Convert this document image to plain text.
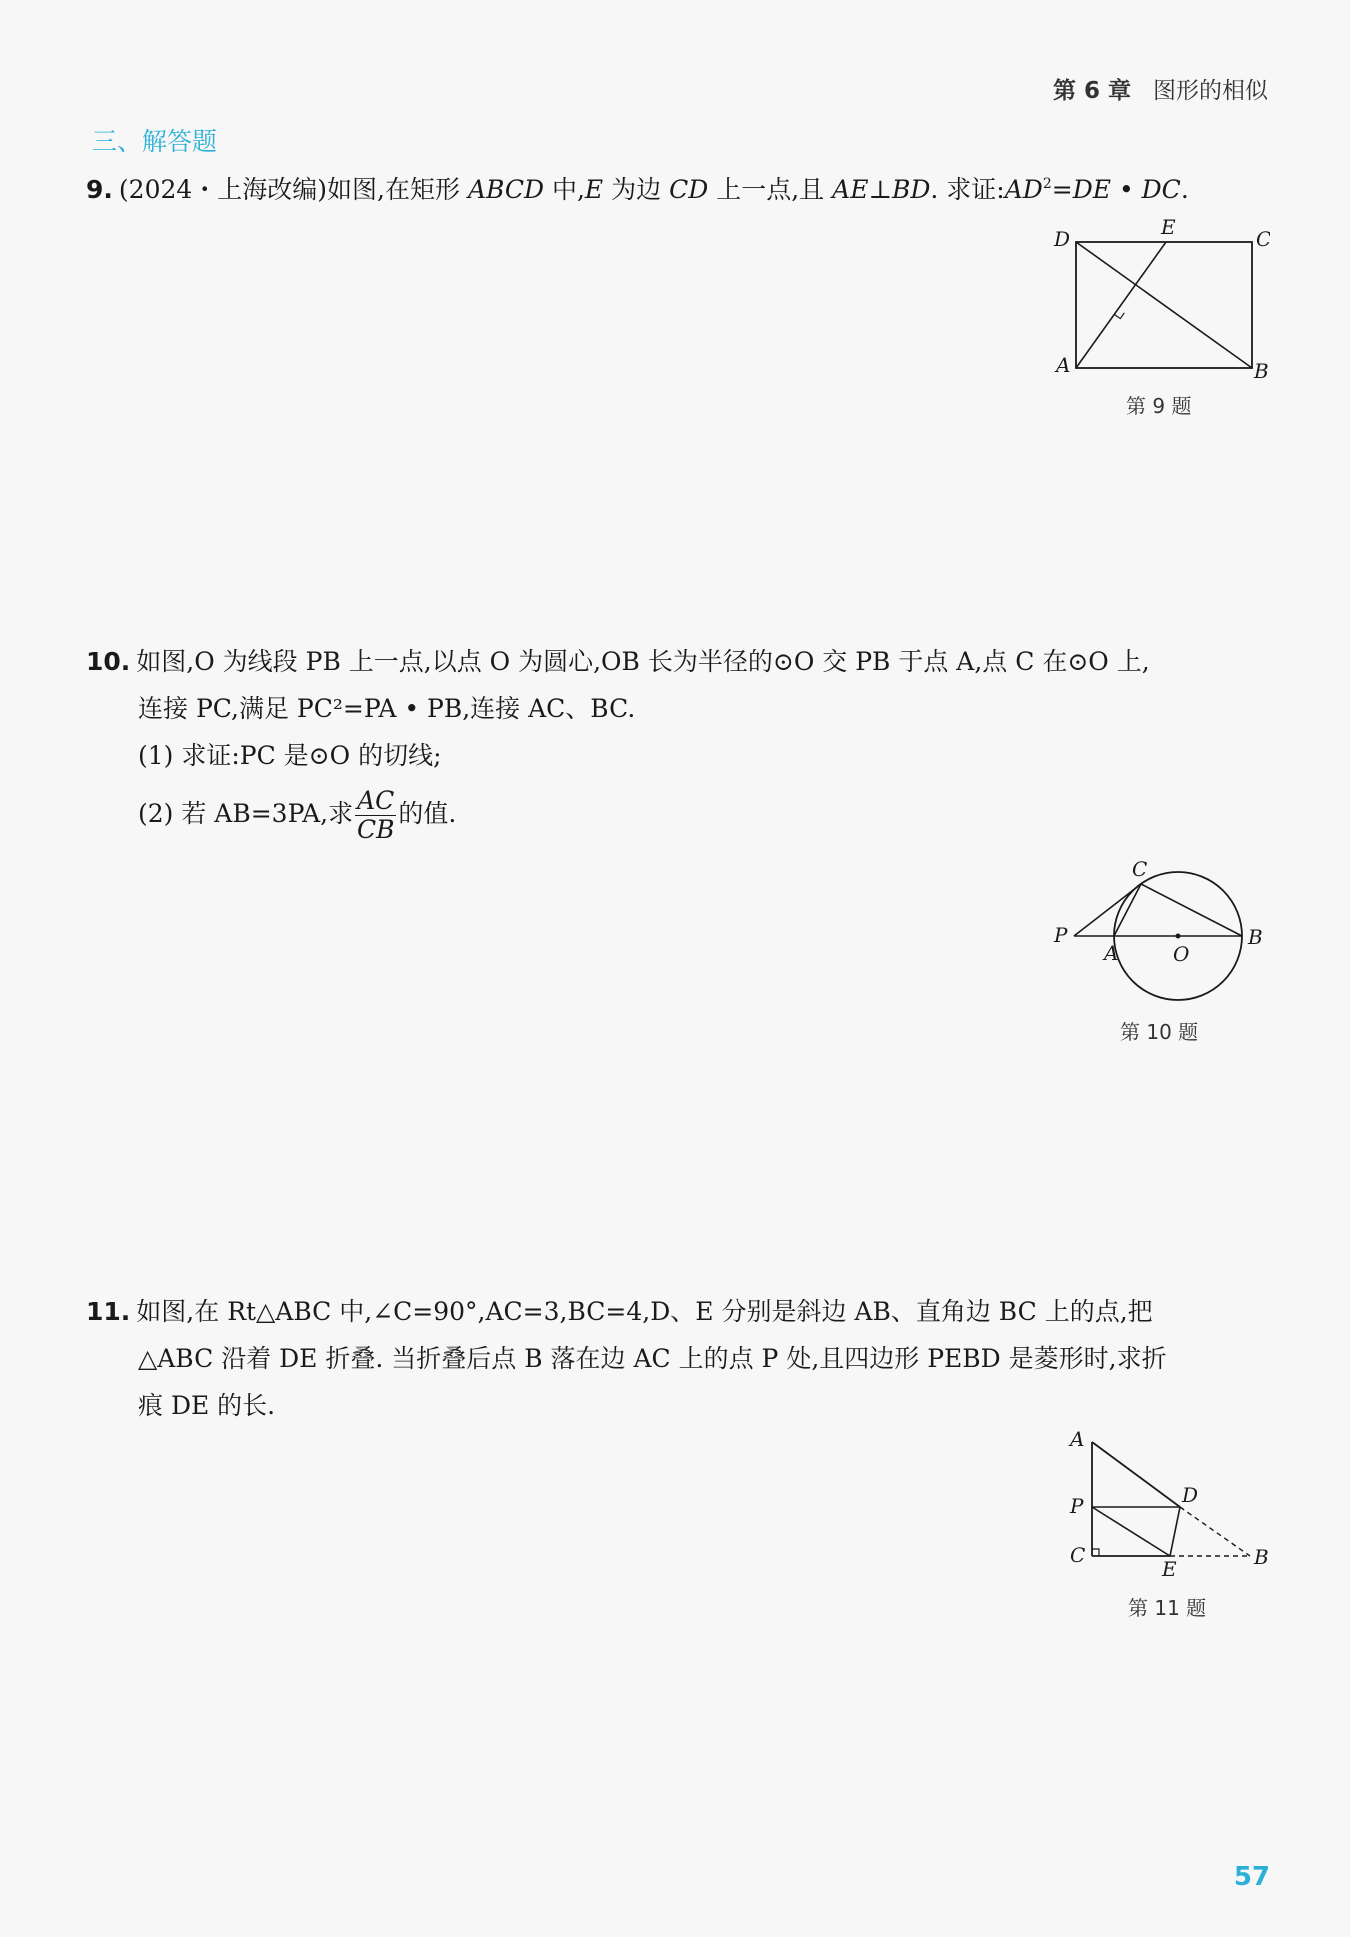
第 6 章 图形的相似
三、解答题
9. (2024・上海改编)如图,在矩形 ABCD 中,E 为边 CD 上一点,且 AE⊥BD. 求证$:AD^2=DE$ • DC.
D	E	C
A	B
第 9 题
10. 如图,O 为线段 PB 上一点,以点 O 为圆心,OB 长为半径的⊙O 交 PB 于点 A,点 C 在⊙O 上,
连接 PC,满足 PC²=PA • PB,连接 AC、BC.
(1) 求证:PC 是⊙O 的切线;
(2) 若 AB=3PA,求 $\frac{AC}{CB}$ 的值.
C
P
A	O
B
第 10 题
11. 如图,在 Rt△ABC 中,∠C=90°,AC=3,BC=4,D、E 分别是斜边 AB、直角边 BC 上的点,把
△ABC 沿着 DE 折叠. 当折叠后点 B 落在边 AC 上的点 P 处,且四边形 PEBD 是菱形时,求折
痕 DE 的长.
A
P	D
C
E	B
第 11 题
57
